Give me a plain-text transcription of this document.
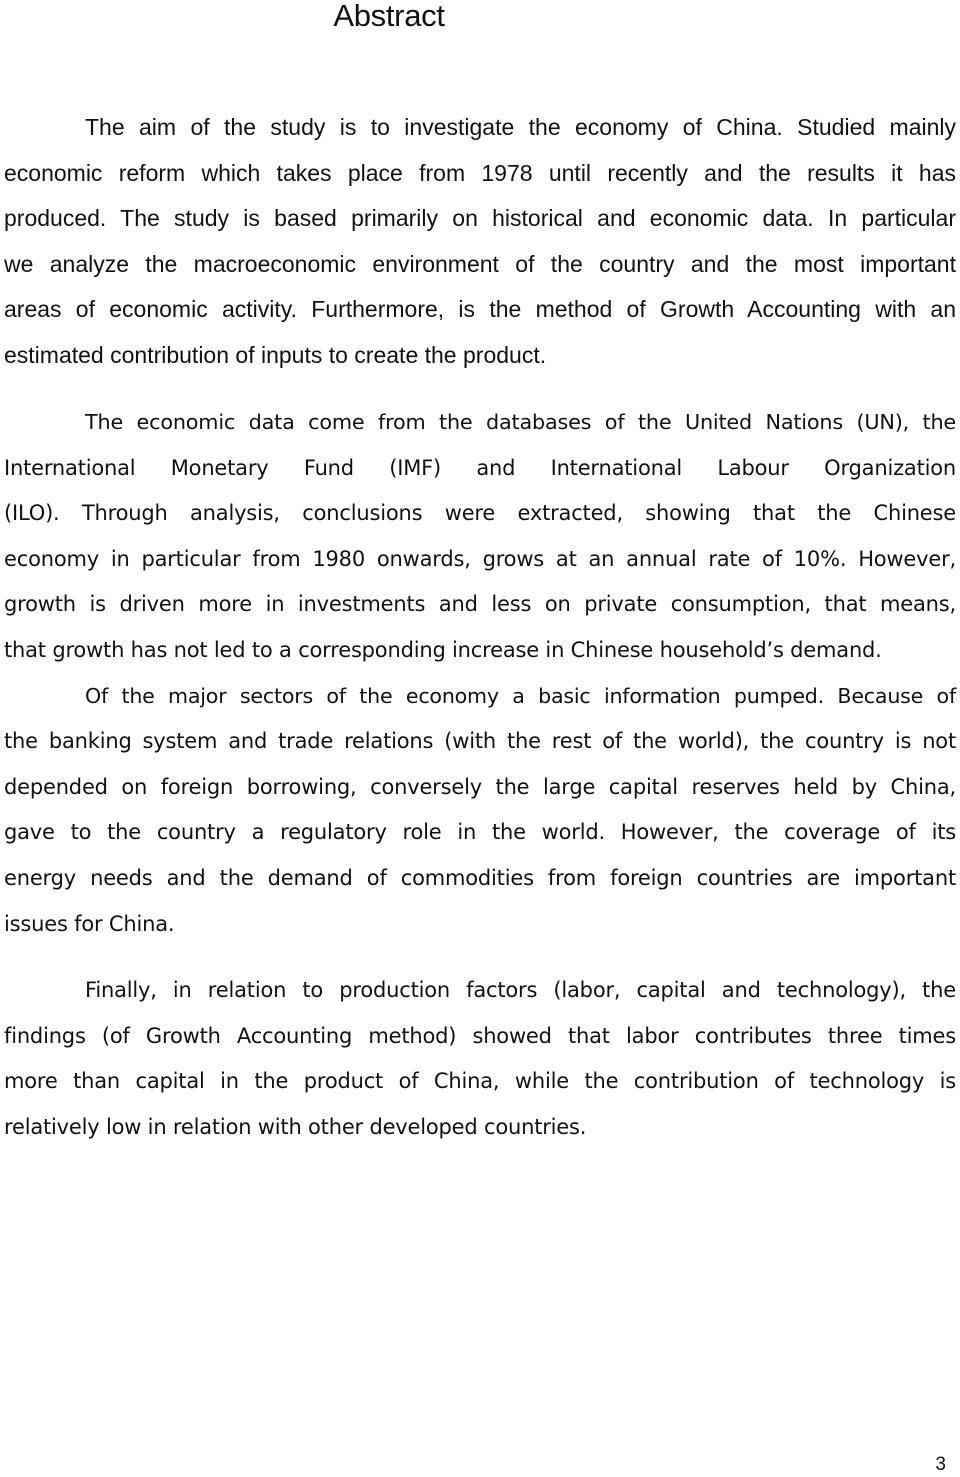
Abstract
The aim of the study is to investigate the economy of China. Studied mainly
economic reform which takes place from 1978 until recently and the results it has
produced. The study is based primarily on historical and economic data. In particular
we analyze the macroeconomic environment of the country and the most important
areas of economic activity. Furthermore, is the method of Growth Accounting with an
estimated contribution of inputs to create the product.
The economic data come from the databases of the United Nations (UN), the
International Monetary Fund (IMF) and International Labour Organization
(ILO). Through analysis, conclusions were extracted, showing that the Chinese
economy in particular from 1980 onwards, grows at an annual rate of 10%. However,
growth is driven more in investments and less on private consumption, that means,
that growth has not led to a corresponding increase in Chinese household’s demand.
Of the major sectors of the economy a basic information pumped. Because of
the banking system and trade relations (with the rest of the world), the country is not
depended on foreign borrowing, conversely the large capital reserves held by China,
gave to the country a regulatory role in the world. However, the coverage of its
energy needs and the demand of commodities from foreign countries are important
issues for China.
Finally, in relation to production factors (labor, capital and technology), the
findings (of Growth Accounting method) showed that labor contributes three times
more than capital in the product of China, while the contribution of technology is
relatively low in relation with other developed countries.
3
